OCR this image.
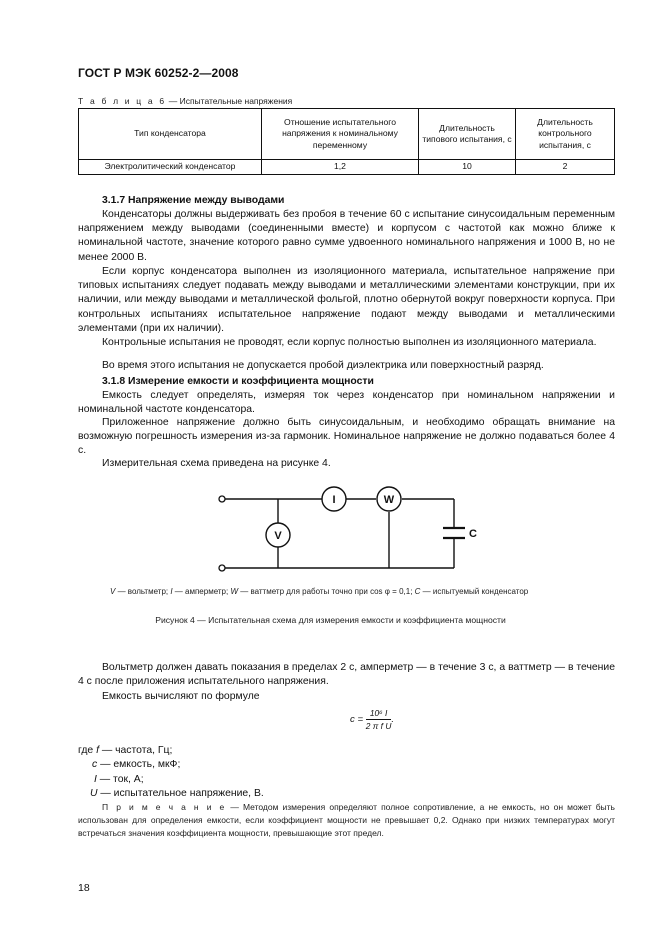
ГОСТ Р МЭК 60252-2—2008
Т а б л и ц а 6 — Испытательные напряжения
Тип конденсатора	Отношение испытательного напряжения к номинальному переменному	Длительность типового испытания, с	Длительность контрольного испытания, с
Электролитический конденсатор	1,2	10	2
3.1.7 Напряжение между выводами
Конденсаторы должны выдерживать без пробоя в течение 60 с испытание синусоидальным переменным напряжением между выводами (соединенными вместе) и корпусом с частотой как можно ближе к номинальной частоте, значение которого равно сумме удвоенного номинального напряжения и 1000 В, но не менее 2000 В.
Если корпус конденсатора выполнен из изоляционного материала, испытательное напряжение при типовых испытаниях следует подавать между выводами и металлическими элементами конструкции, при их наличии, или между выводами и металлической фольгой, плотно обернутой вокруг поверхности корпуса. При контрольных испытаниях испытательное напряжение подают между выводами и металлическими элементами (при их наличии).
Контрольные испытания не проводят, если корпус полностью выполнен из изоляционного материала.
Во время этого испытания не допускается пробой диэлектрика или поверхностный разряд.
3.1.8 Измерение емкости и коэффициента мощности
Емкость следует определять, измеряя ток через конденсатор при номинальном напряжении и номинальной частоте конденсатора.
Приложенное напряжение должно быть синусоидальным, и необходимо обращать внимание на возможную погрешность измерения из-за гармоник. Номинальное напряжение не должно подаваться более 4 с.
Измерительная схема приведена на рисунке 4.
V
I	W
C
V — вольтметр; I — амперметр; W — ваттметр для работы точно при cos φ = 0,1; C — испытуемый конденсатор
Рисунок 4 — Испытательная схема для измерения емкости и коэффициента мощности
Вольтметр должен давать показания в пределах 2 с, амперметр — в течение 3 с, а ваттметр — в течение 4 с после приложения испытательного напряжения.
Емкость вычисляют по формуле
$c = \frac{\text{10⁶ I}}{\text{2 π f U}}$ .
где f — частота, Гц;
c — емкость, мкФ;
I — ток, А;
U — испытательное напряжение, В.
П р и м е ч а н и е — Методом измерения определяют полное сопротивление, а не емкость, но он может быть использован для определения емкости, если коэффициент мощности не превышает 0,2. Однако при низких температурах могут встречаться значения коэффициента мощности, превышающие этот предел.
18
